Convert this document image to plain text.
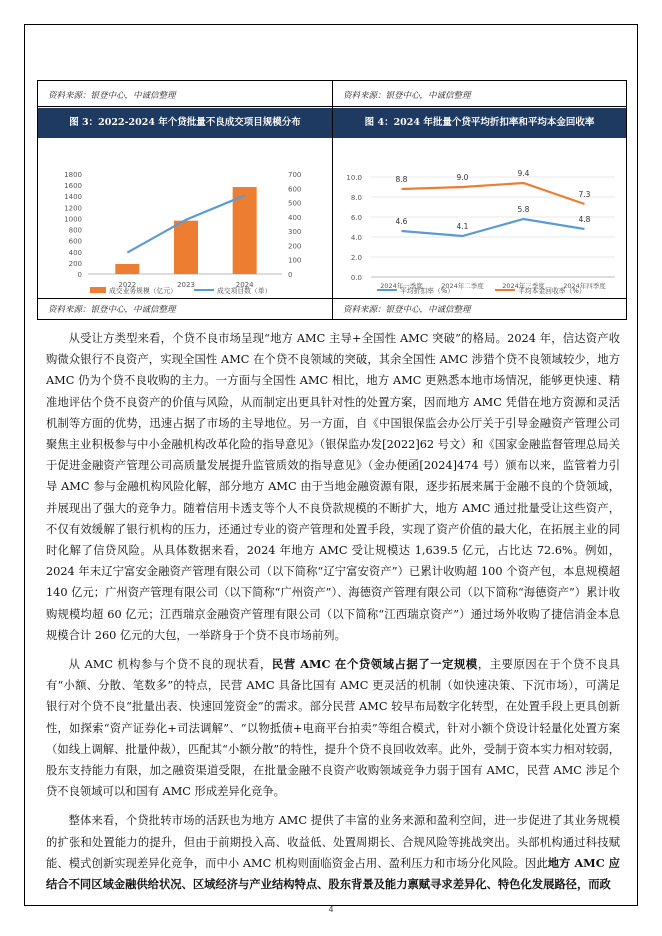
资料来源：银登中心，中诚信整理
图 3：2022-2024 年个贷批量不良成交项目规模分布
0
200
400
600
800
1000
1200
1400
1600
1800
0
100
200
300
400
500
600
700
2022	2023	2024
成交业务规模（亿元）	成交项目数（单）
资料来源：银登中心，中诚信整理
资料来源：银登中心，中诚信整理
图 4：2024 年批量个贷平均折扣率和平均本金回收率
0.0
2.0
4.0
6.0
8.0
10.0
2024年一季度	2024年二季度	2024年三季度	2024年四季度
4.6
4.1
5.8
4.8
8.8	9.0	9.4
7.3
平均折扣率（%）	平均本金回收率（%）
资料来源：银登中心，中诚信整理

从受让方类型来看，个贷不良市场呈现“地方 AMC 主导+全国性 AMC 突破”的格局。2024 年，信达资产收购微众银行不良资产，实现全国性 AMC 在个贷不良领域的突破，其余全国性 AMC 涉猎个贷不良领域较少，地方 AMC 仍为个贷不良收购的主力。一方面与全国性 AMC 相比，地方 AMC 更熟悉本地市场情况，能够更快速、精准地评估个贷不良资产的价值与风险，从而制定出更具针对性的处置方案，因而地方 AMC 凭借在地方资源和灵活机制等方面的优势，迅速占据了市场的主导地位。另一方面，自《中国银保监会办公厅关于引导金融资产管理公司聚焦主业积极参与中小金融机构改革化险的指导意见》（银保监办发[2022]62 号文）和《国家金融监督管理总局关于促进金融资产管理公司高质量发展提升监管质效的指导意见》（金办便函[2024]474 号）颁布以来，监管着力引导 AMC 参与金融机构风险化解，部分地方 AMC 由于当地金融资源有限，逐步拓展来属于金融不良的个贷领域，并展现出了强大的竞争力。随着信用卡透支等个人不良贷款规模的不断扩大，地方 AMC 通过批量受让这些资产，不仅有效缓解了银行机构的压力，还通过专业的资产管理和处置手段，实现了资产价值的最大化，在拓展主业的同时化解了信贷风险。从具体数据来看，2024 年地方 AMC 受让规模达 1,639.5 亿元，占比达 72.6%。例如，2024 年末辽宁富安金融资产管理有限公司（以下简称“辽宁富安资产”）已累计收购超 100 个资产包，本息规模超 140 亿元；广州资产管理有限公司（以下简称“广州资产”）、海德资产管理有限公司（以下简称“海德资产”）累计收购规模均超 60 亿元；江西瑞京金融资产管理有限公司（以下简称“江西瑞京资产”）通过场外收购了捷信消金本息规模合计 260 亿元的大包，一举跻身于个贷不良市场前列。

从 AMC 机构参与个贷不良的现状看，民营 AMC 在个贷领域占据了一定规模，主要原因在于个贷不良具有“小额、分散、笔数多”的特点，民营 AMC 具备比国有 AMC 更灵活的机制（如快速决策、下沉市场），可满足银行对个贷不良“批量出表、快速回笼资金”的需求。部分民营 AMC 较早布局数字化转型，在处置手段上更具创新性，如探索“资产证券化+司法调解”、“以物抵债+电商平台拍卖”等组合模式，针对小额个贷设计轻量化处置方案（如线上调解、批量仲裁），匹配其“小额分散”的特性，提升个贷不良回收效率。此外，受制于资本实力相对较弱，股东支持能力有限，加之融资渠道受限，在批量金融不良资产收购领域竞争力弱于国有 AMC，民营 AMC 涉足个贷不良领域可以和国有 AMC 形成差异化竞争。

整体来看，个贷批转市场的活跃也为地方 AMC 提供了丰富的业务来源和盈利空间，进一步促进了其业务规模的扩张和处置能力的提升，但由于前期投入高、收益低、处置周期长、合规风险等挑战突出。头部机构通过科技赋能、模式创新实现差异化竞争，而中小 AMC 机构则面临资金占用、盈利压力和市场分化风险。因此地方 AMC 应结合不同区域金融供给状况、区域经济与产业结构特点、股东背景及能力禀赋寻求差异化、特色化发展路径，而政

4
